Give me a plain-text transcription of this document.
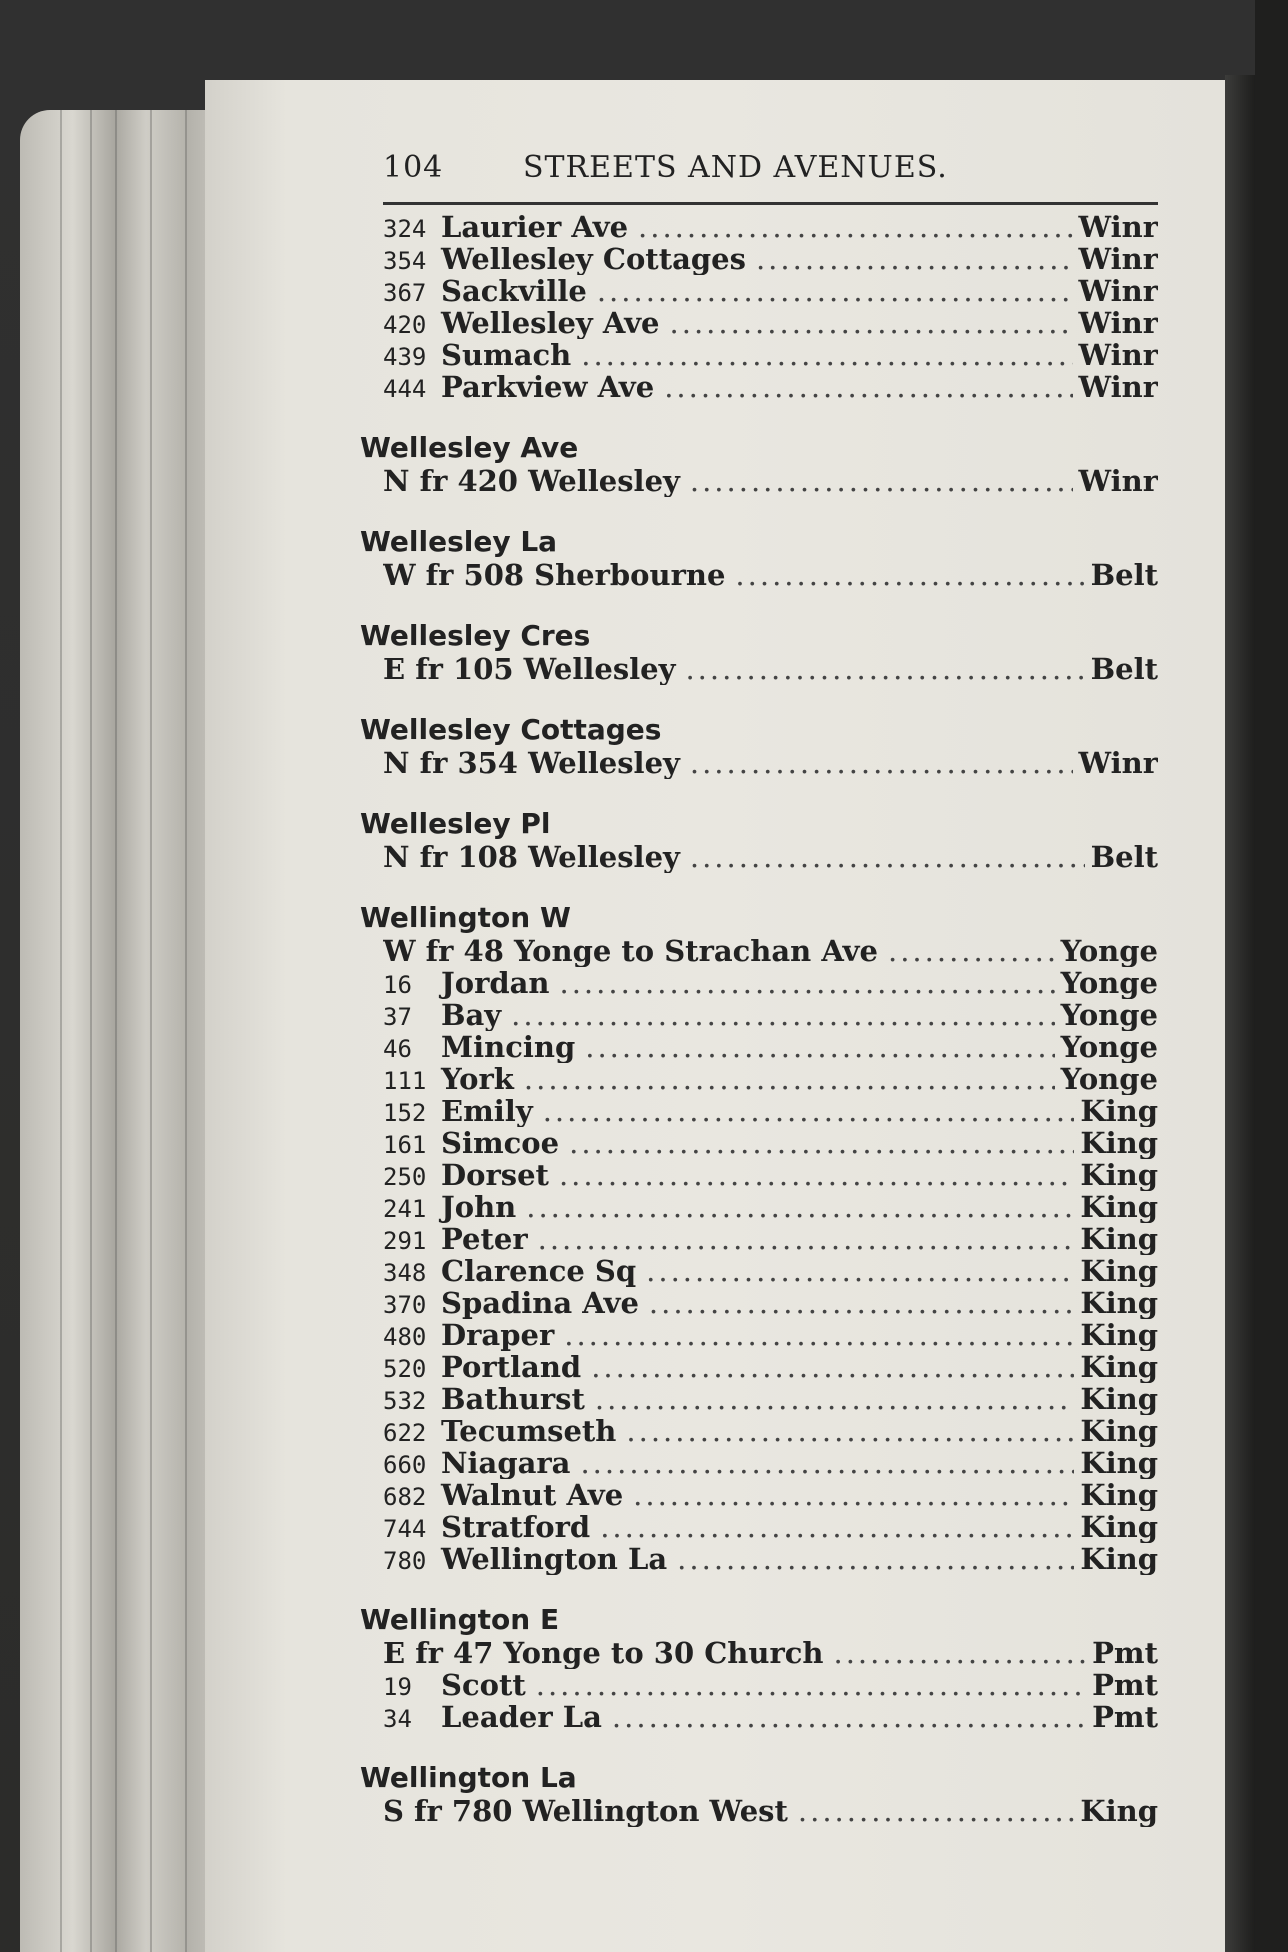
104	STREETS AND AVENUES.
324 Laurier Ave .....	Winr
354 Wellesley Cottages .....	Winr
367 Sackville .....	Winr
420 Wellesley Ave .....	Winr
439 Sumach .....	Winr
444 Parkview Ave .....	Winr
Wellesley Ave
N fr 420 Wellesley .....	Winr
Wellesley La
W fr 508 Sherbourne .....	Belt
Wellesley Cres
E fr 105 Wellesley .....	Belt
Wellesley Cottages
N fr 354 Wellesley .....	Winr
Wellesley Pl
N fr 108 Wellesley .....	Belt
Wellington W
W fr 48 Yonge to Strachan Ave .....	Yonge
16	Jordan .....	Yonge
37	Bay .....	Yonge
46	Mincing .....	Yonge
111 York .....	Yonge
152 Emily .....	King
161 Simcoe .....	King
250 Dorset .....	King
241 John .....	King
291 Peter .....	King
348 Clarence Sq .....	King
370 Spadina Ave .....	King
480 Draper .....	King
520 Portland .....	King
532 Bathurst .....	King
622 Tecumseth .....	King
660 Niagara .....	King
682 Walnut Ave .....	King
744 Stratford .....	King
780 Wellington La .....	King
Wellington E
E fr 47 Yonge to 30 Church .....	Pmt
19	Scott .....	Pmt
34	Leader La .....	Pmt
Wellington La
S fr 780 Wellington West .....	King
